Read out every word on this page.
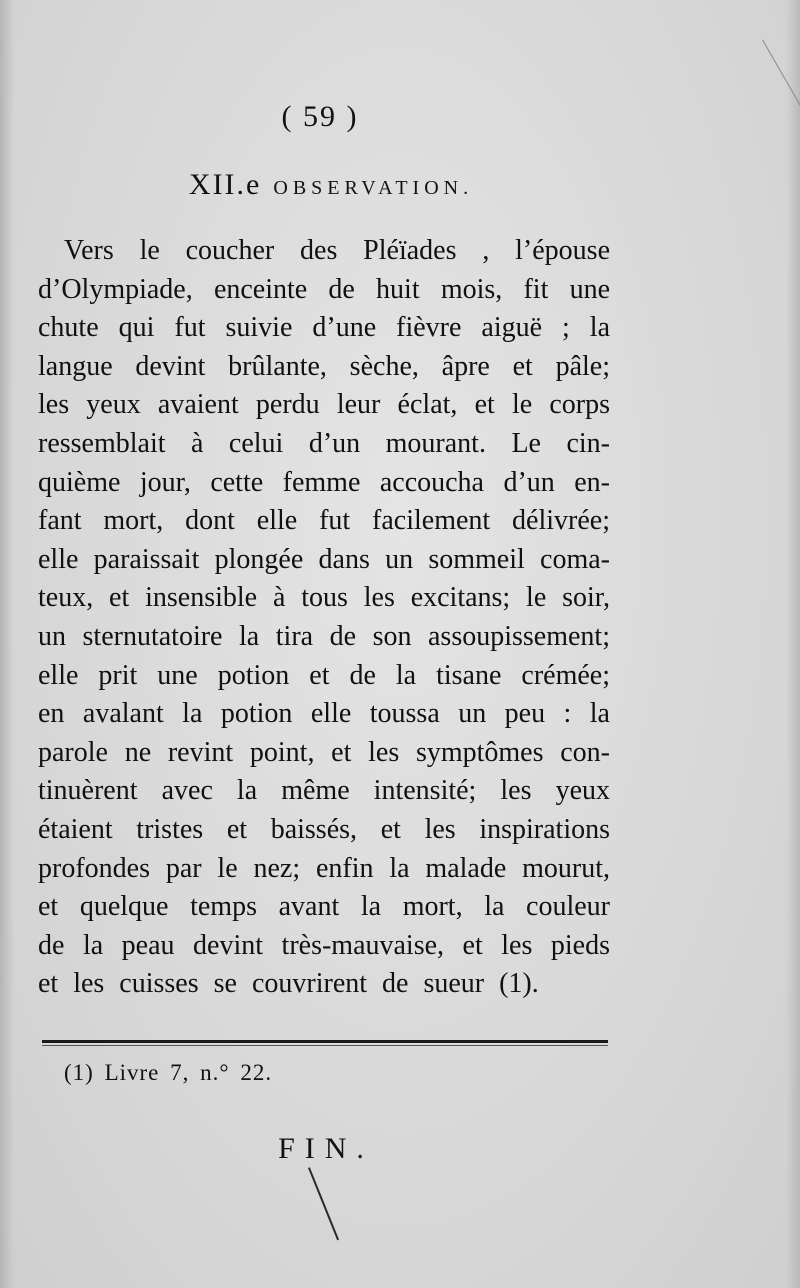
( 59 )
XII.e OBSERVATION.
Vers le coucher des Pléïades , l’épouse
d’Olympiade, enceinte de huit mois, fit une
chute qui fut suivie d’une fièvre aiguë ; la
langue devint brûlante, sèche, âpre et pâle;
les yeux avaient perdu leur éclat, et le corps
ressemblait à celui d’un mourant. Le cin-
quième jour, cette femme accoucha d’un en-
fant mort, dont elle fut facilement délivrée;
elle paraissait plongée dans un sommeil coma-
teux, et insensible à tous les excitans; le soir,
un sternutatoire la tira de son assoupissement;
elle prit une potion et de la tisane crémée;
en avalant la potion elle toussa un peu : la
parole ne revint point, et les symptômes con-
tinuèrent avec la même intensité; les yeux
étaient tristes et baissés, et les inspirations
profondes par le nez; enfin la malade mourut,
et quelque temps avant la mort, la couleur
de la peau devint très-mauvaise, et les pieds
et les cuisses se couvrirent de sueur (1).
(1) Livre 7, n.° 22.
FIN.
